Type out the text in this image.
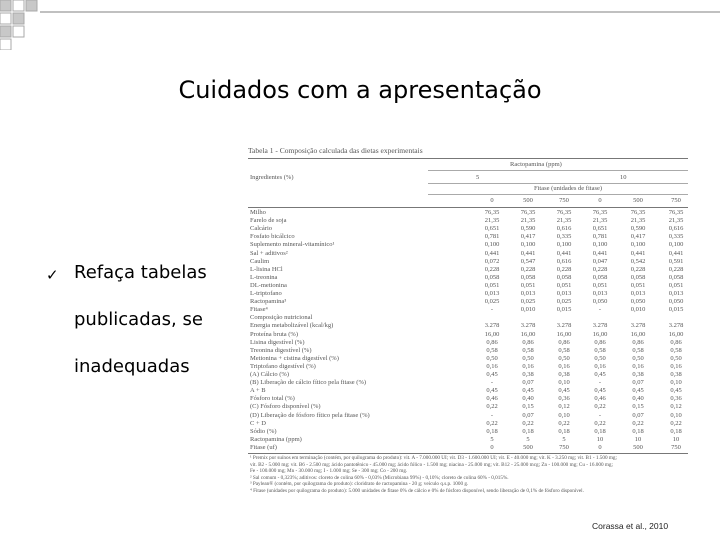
Cuidados com a apresentação
✓ Refaça tabelas
publicadas, se
inadequadas
Tabela 1 - Composição calculada das dietas experimentais
Ractopamina (ppm)
Ingredientes (%)	5	10
Fitase (unidades de fitase)
0	500	750	0	500	750
Milho	76,35	76,35	76,35	76,35	76,35	76,35
Farelo de soja	21,35	21,35	21,35	21,35	21,35	21,35
Calcário	0,651	0,590	0,616	0,651	0,590	0,616
Fosfato bicálcico	0,781	0,417	0,335	0,781	0,417	0,335
Suplemento mineral-vitamínico¹	0,100	0,100	0,100	0,100	0,100	0,100
Sal + aditivos²	0,441	0,441	0,441	0,441	0,441	0,441
Caulim	0,072	0,547	0,616	0,047	0,542	0,591
L-lisina HCl	0,228	0,228	0,228	0,228	0,228	0,228
L-treonina	0,058	0,058	0,058	0,058	0,058	0,058
DL-metionina	0,051	0,051	0,051	0,051	0,051	0,051
L-triptofano	0,013	0,013	0,013	0,013	0,013	0,013
Ractopamina³	0,025	0,025	0,025	0,050	0,050	0,050
Fitase⁴	-	0,010	0,015	-	0,010	0,015
Composição nutricional
Energia metabolizável (kcal/kg)	3.278	3.278	3.278	3.278	3.278	3.278
Proteína bruta (%)	16,00	16,00	16,00	16,00	16,00	16,00
Lisina digestível (%)	0,86	0,86	0,86	0,86	0,86	0,86
Treonina digestível (%)	0,58	0,58	0,58	0,58	0,58	0,58
Metionina + cistina digestível (%)	0,50	0,50	0,50	0,50	0,50	0,50
Triptofano digestível (%)	0,16	0,16	0,16	0,16	0,16	0,16
(A) Cálcio (%)	0,45	0,38	0,38	0,45	0,38	0,38
(B) Liberação de cálcio fítico pela fitase (%)	-	0,07	0,10	-	0,07	0,10
A + B	0,45	0,45	0,45	0,45	0,45	0,45
Fósforo total (%)	0,46	0,40	0,36	0,46	0,40	0,36
(C) Fósforo disponível (%)	0,22	0,15	0,12	0,22	0,15	0,12
(D) Liberação de fósforo fítico pela fitase (%)	-	0,07	0,10	-	0,07	0,10
C + D	0,22	0,22	0,22	0,22	0,22	0,22
Sódio (%)	0,18	0,18	0,18	0,18	0,18	0,18
Ractopamina (ppm)	5	5	5	10	10	10
Fitase (uf)	0	500	750	0	500	750
¹ Premix por suínos em terminação (contém, por quilograma do produto): vit. A - 7.000.000 UI; vit. D3 - 1.600.000 UI; vit. E - 40.000 mg; vit. K - 3.250 mg; vit. B1 - 1.500 mg;
vit. B2 - 5.000 mg; vit. B6 - 2.500 mg; ácido pantotênico - 45.000 mg; ácido fólico - 1.500 mg; niacina - 25.000 mg; vit. B12 - 25.000 mcg; Zn - 100.000 mg; Cu - 16.000 mg;
Fe - 100.000 mg; Mn - 30.000 mg; I - 1.000 mg; Se - 300 mg; Co - 200 mg.
² Sal comum - 0,323%; aditivos: cloreto de colina 60% - 0,03% (Microbiana 99%) - 0,10%; cloreto de colina 60% - 0,015%.
³ Paylean® (contém, por quilograma do produto): cloridrato de ractopamina - 20 g; veículo q.s.p. 1000 g.
⁴ Fitase (unidades por quilograma do produto): 5.000 unidades de fitase 0% de cálcio e 0% de fósforo disponível, sendo liberação de 0,1% de fósforo disponível.
Corassa et al., 2010
